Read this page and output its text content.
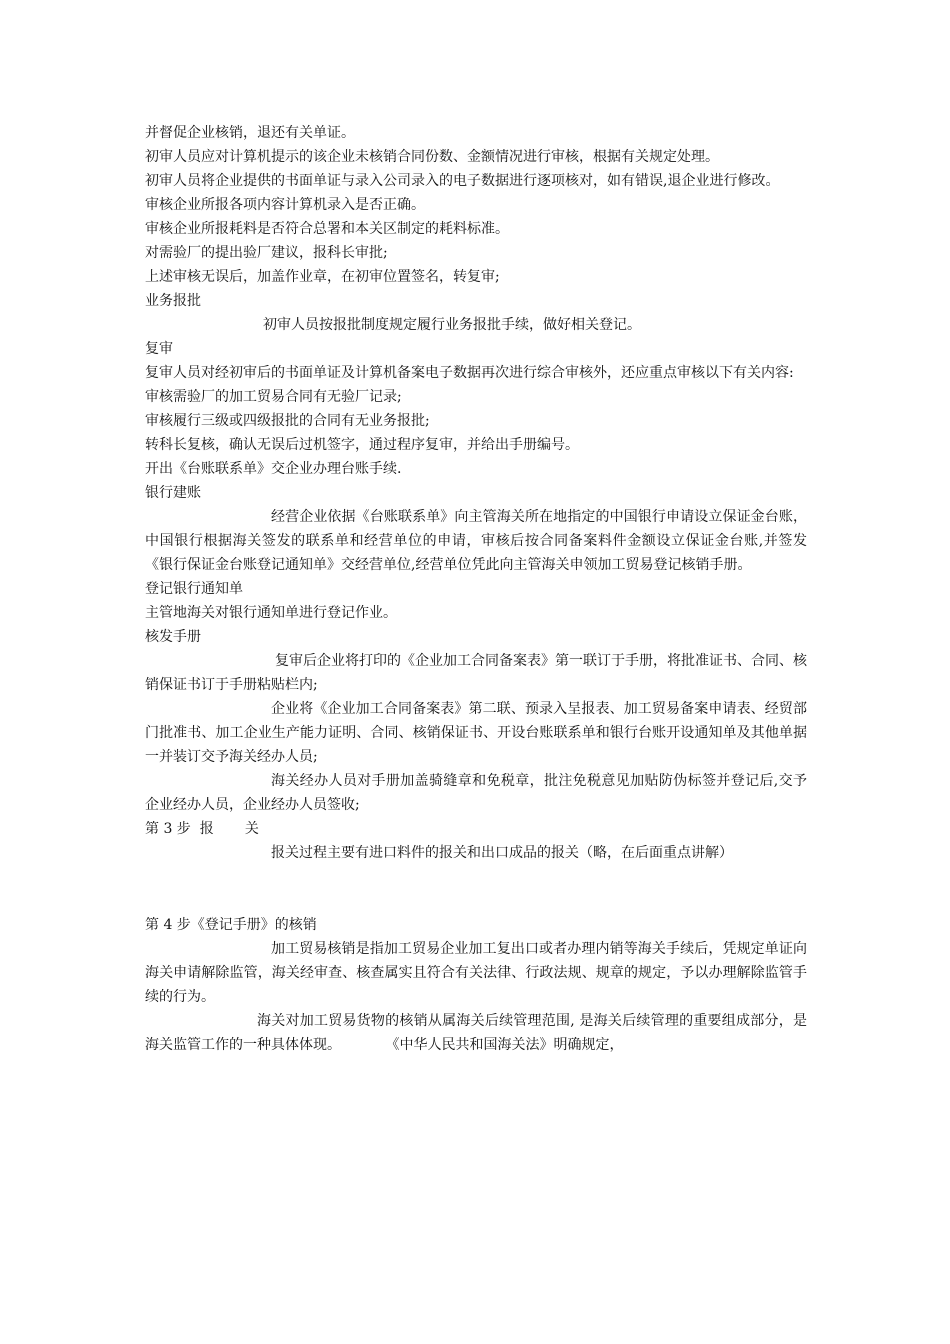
并督促企业核销，退还有关单证。

初审人员应对计算机提示的该企业未核销合同份数、金额情况进行审核，根据有关规定处理。

初审人员将企业提供的书面单证与录入公司录入的电子数据进行逐项核对，如有错误,退企业进行修改。

审核企业所报各项内容计算机录入是否正确。

审核企业所报耗料是否符合总署和本关区制定的耗料标准。

对需验厂的提出验厂建议，报科长审批;

上述审核无误后，加盖作业章，在初审位置签名，转复审;

业务报批

初审人员按报批制度规定履行业务报批手续，做好相关登记。

复审

复审人员对经初审后的书面单证及计算机备案电子数据再次进行综合审核外，还应重点审核以下有关内容:

审核需验厂的加工贸易合同有无验厂记录;

审核履行三级或四级报批的合同有无业务报批;

转科长复核，确认无误后过机签字，通过程序复审，并给出手册编号。

开出《台账联系单》交企业办理台账手续.

银行建账

经营企业依据《台账联系单》向主管海关所在地指定的中国银行申请设立保证金台账，中国银行根据海关签发的联系单和经营单位的申请，审核后按合同备案料件金额设立保证金台账,并签发《银行保证金台账登记通知单》交经营单位,经营单位凭此向主管海关申领加工贸易登记核销手册。

登记银行通知单

主管地海关对银行通知单进行登记作业。

核发手册

复审后企业将打印的《企业加工合同备案表》第一联订于手册，将批准证书、合同、核销保证书订于手册粘贴栏内;

企业将《企业加工合同备案表》第二联、预录入呈报表、加工贸易备案申请表、经贸部门批准书、加工企业生产能力证明、合同、核销保证书、开设台账联系单和银行台账开设通知单及其他单据一并装订交予海关经办人员;

海关经办人员对手册加盖骑缝章和免税章，批注免税意见加贴防伪标签并登记后,交予企业经办人员，企业经办人员签收;

第 3 步  报       关

报关过程主要有进口料件的报关和出口成品的报关（略，在后面重点讲解）

第 4 步《登记手册》的核销

加工贸易核销是指加工贸易企业加工复出口或者办理内销等海关手续后，凭规定单证向海关申请解除监管，海关经审查、核查属实且符合有关法律、行政法规、规章的规定，予以办理解除监管手续的行为。

海关对加工贸易货物的核销从属海关后续管理范围, 是海关后续管理的重要组成部分，是海关监管工作的一种具体体现。          《中华人民共和国海关法》明确规定，
